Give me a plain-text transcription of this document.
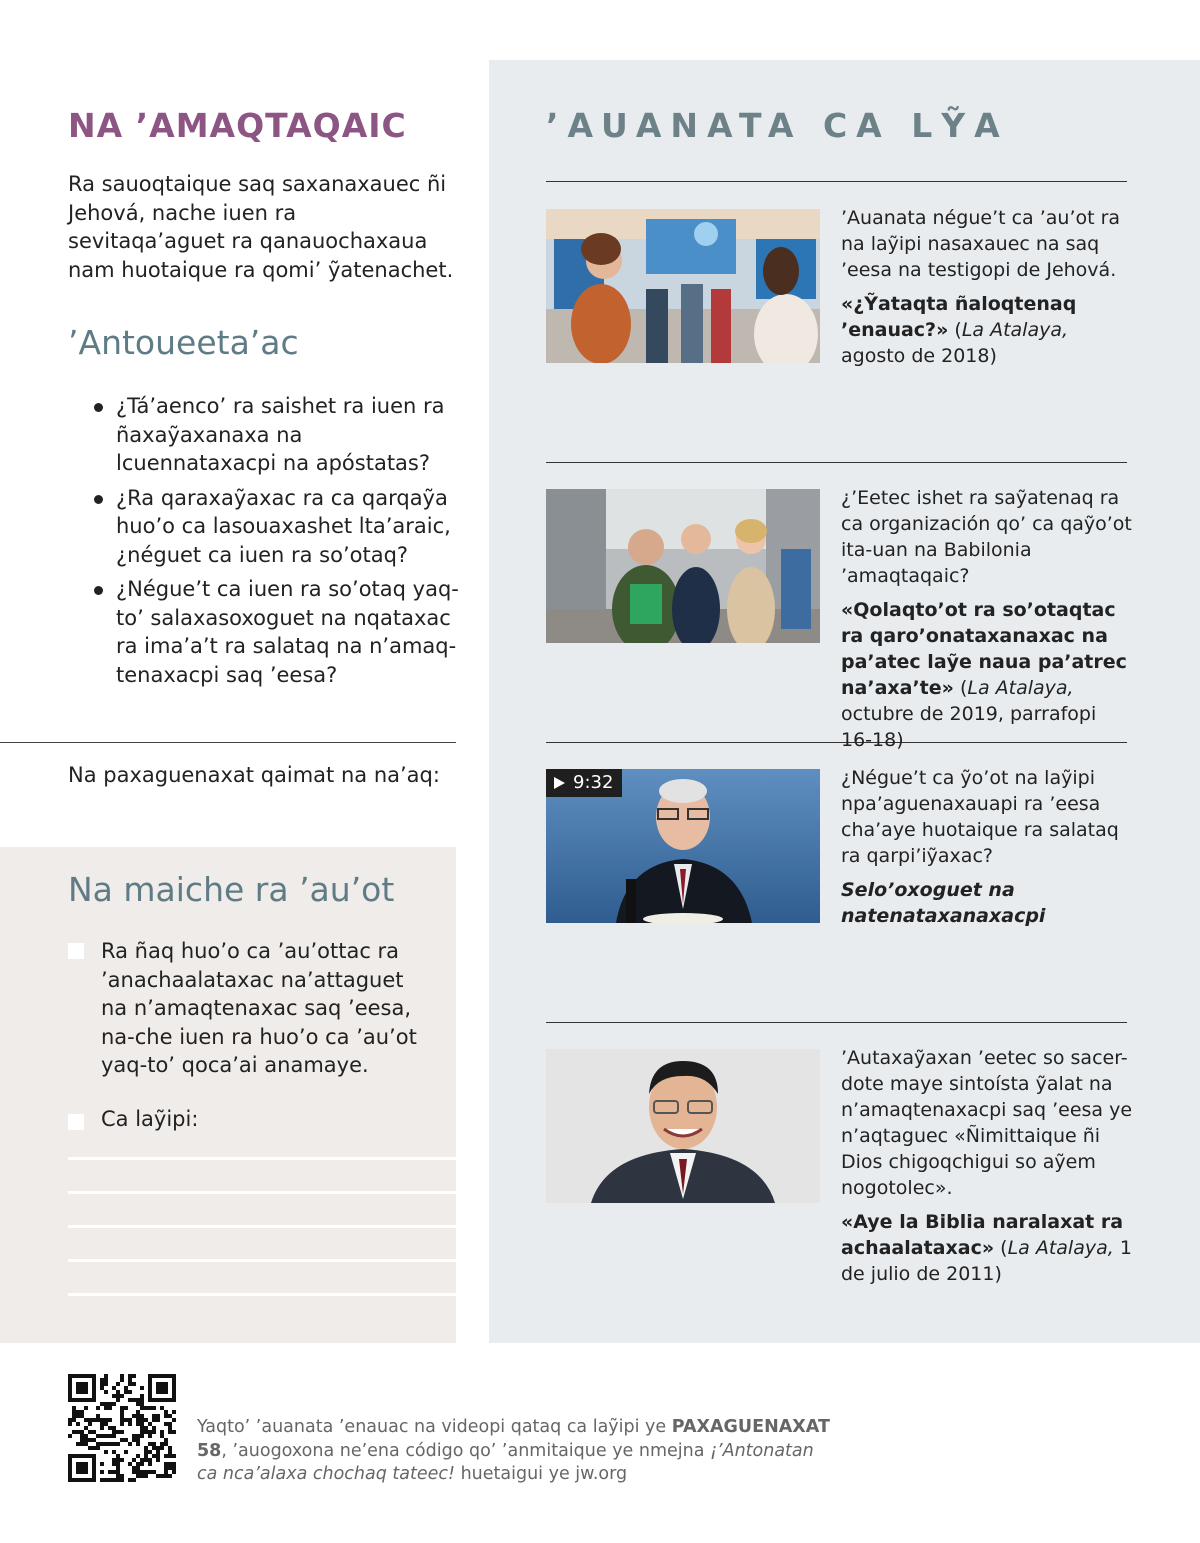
NA ’AMAQTAQAIC

Ra sauoqtaique saq saxanaxauec ñi Jehová, nache iuen ra sevitaqa’aguet ra qanauochaxaua nam huotaique ra qomi’ ỹatenachet.

’Antoueeta’ac
¿Tá’aenco’ ra saishet ra iuen ra ñaxaỹaxanaxa na lcuennataxacpi na apóstatas?
¿Ra qaraxaỹaxac ra ca qarqaỹa huo’o ca lasouaxashet lta’araic, ¿néguet ca iuen ra so’otaq?
¿Négue’t ca iuen ra so’otaq yaq-to’ salaxasoxoguet na nqataxac ra ima’a’t ra salataq na n’amaq-tenaxacpi saq ’eesa?

Na paxaguenaxat qaimat na na’aq:

Na maiche ra ’au’ot

Ra ñaq huo’o ca ’au’ottac ra ’anachaalataxac na’attaguet na n’amaqtenaxac saq ’eesa, na-che iuen ra huo’o ca ’au’ot yaq-to’ qoca’ai anamaye.

Ca laỹipi:

’AUANATA CA LỸA

’Auanata négue’t ca ’au’ot ra na laỹipi nasaxauec na saq ’eesa na testigopi de Jehová.
«¿Ỹataqta ñaloqtenaq ’enauac?» (La Atalaya, agosto de 2018)

¿’Eetec ishet ra saỹatenaq ra ca organización qo’ ca qaỹo’ot ita-uan na Babilonia ’amaqtaqaic?
«Qolaqto’ot ra so’otaqtac ra qaro’onataxanaxac na pa’atec laỹe naua pa’atrec na’axa’te» (La Atalaya, octubre de 2019, parrafopi 16-18)

9:32	¿Négue’t ca ỹo’ot na laỹipi npa’aguenaxauapi ra ’eesa cha’aye huotaique ra salataq ra qarpi’iỹaxac?
Selo’oxoguet na natenataxanaxacpi

’Autaxaỹaxan ’eetec so sacer-dote maye sintoísta ỹalat na n’amaqtenaxacpi saq ’eesa ye n’aqtaguec «Ñimittaique ñi Dios chigoqchigui so aỹem nogotolec».
«Aye la Biblia naralaxat ra achaalataxac» (La Atalaya, 1 de julio de 2011)

Yaqto’ ’auanata ’enauac na videopi qataq ca laỹipi ye PAXAGUENAXAT 58, ’auogoxona ne’ena código qo’ ’anmitaique ye nmejna ¡’Antonatan ca nca’alaxa chochaq tateec! huetaigui ye jw.org
